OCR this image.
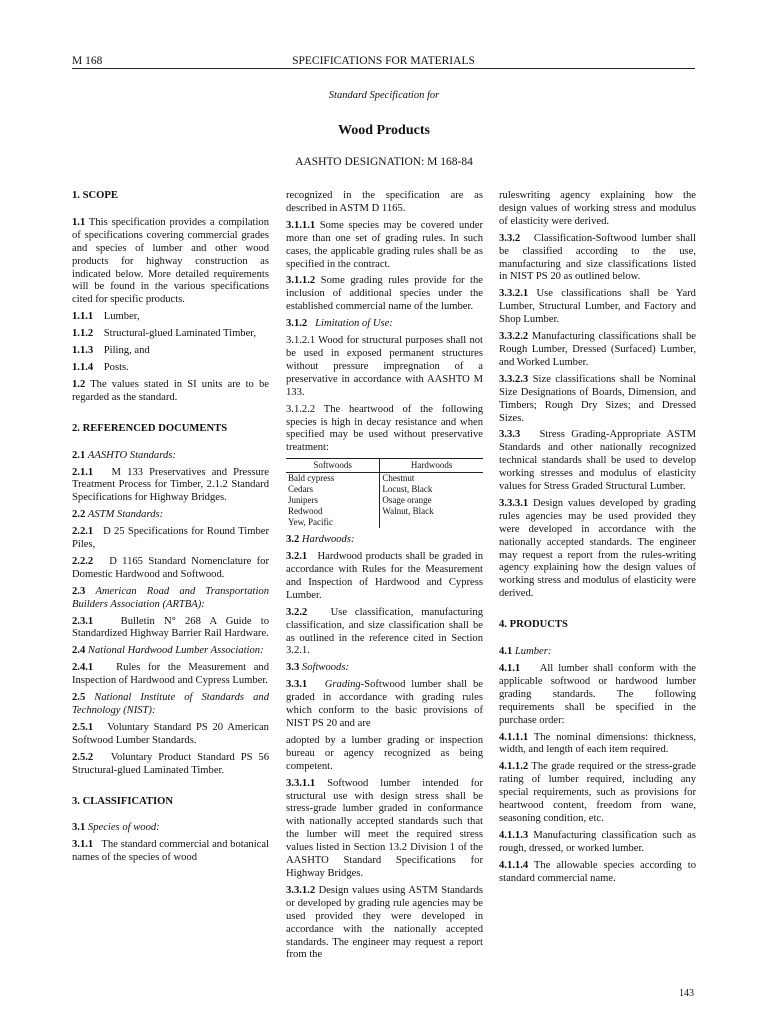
M 168	SPECIFICATIONS FOR MATERIALS
Standard Specification for
Wood Products
AASHTO DESIGNATION: M 168-84
1. SCOPE

1.1 This specification provides a compilation of specifications covering commercial grades and species of lumber and other wood products for highway construction as indicated below. More detailed requirements will be found in the various specifications cited for specific products.

1.1.1 Lumber,

1.1.2 Structural-glued Laminated Timber,

1.1.3 Piling, and

1.1.4 Posts.

1.2 The values stated in SI units are to be regarded as the standard.

2. REFERENCED DOCUMENTS

2.1 AASHTO Standards:

2.1.1 M 133 Preservatives and Pressure Treatment Process for Timber, 2.1.2 Standard Specifications for Highway Bridges.

2.2 ASTM Standards:

2.2.1 D 25 Specifications for Round Timber Piles,

2.2.2 D 1165 Standard Nomenclature for Domestic Hardwood and Softwood.

2.3 American Road and Transportation Builders Association (ARTBA):

2.3.1	Bulletin N° 268 A Guide to Standardized Highway Barrier Rail Hardware.

2.4 National Hardwood Lumber Association:

2.4.1 Rules for the Measurement and Inspection of Hardwood and Cypress Lumber.

2.5 National Institute of Standards and Technology (NIST):

2.5.1 Voluntary Standard PS 20 American Softwood Lumber Standards.

2.5.2 Voluntary Product Standard PS 56 Structural-glued Laminated Timber.

3. CLASSIFICATION

3.1 Species of wood:

3.1.1 The standard commercial and botanical names of the species of wood

recognized in the specification are as described in ASTM D 1165.

3.1.1.1 Some species may be covered under more than one set of grading rules. In such cases, the applicable grading rules shall be as specified in the contract.

3.1.1.2 Some grading rules provide for the inclusion of additional species under the established commercial name of the lumber.

3.1.2 Limitation of Use:

3.1.2.1 Wood for structural purposes shall not be used in exposed permanent structures without pressure impregnation of a preservative in accordance with AASHTO M 133.

3.1.2.2 The heartwood of the following species is high in decay resistance and when specified may be used without preservative treatment:

Softwoods	Hardwoods
Bald cypress	Chestnut
Cedars	Locust, Black
Junipers	Osage orange
Redwood	Walnut, Black
Yew, Pacific	

3.2 Hardwoods:

3.2.1 Hardwood products shall be graded in accordance with Rules for the Measurement and Inspection of Hardwood and Cypress Lumber.

3.2.2 Use classification, manufacturing classification, and size classification shall be as outlined in the reference cited in Section 3.2.1.

3.3 Softwoods:

3.3.1 Grading-Softwood lumber shall be graded in accordance with grading rules which conform to the basic provisions of NIST PS 20 and are

adopted by a lumber grading or inspection bureau or agency recognized as being competent.

3.3.1.1 Softwood lumber intended for structural use with design stress shall be stress-grade lumber graded in conformance with nationally accepted standards such that the lumber will meet the required stress values listed in Section 13.2 Division 1 of the AASHTO Standard Specifications for Highway Bridges.

3.3.1.2 Design values using ASTM Standards or developed by grading rule agencies may be used provided they were developed in accordance with the nationally accepted standards. The engineer may request a report from the

ruleswriting agency explaining how the design values of working stress and modulus of elasticity were derived.

3.3.2 Classification-Softwood lumber shall be classified according to the use, manufacturing and size classifications listed in NIST PS 20 as outlined below.

3.3.2.1 Use classifications shall be Yard Lumber, Structural Lumber, and Factory and Shop Lumber.

3.3.2.2 Manufacturing classifications shall be Rough Lumber, Dressed (Surfaced) Lumber, and Worked Lumber.

3.3.2.3 Size classifications shall be Nominal Size Designations of Boards, Dimension, and Timbers; Rough Dry Sizes; and Dressed Sizes.

3.3.3 Stress Grading-Appropriate ASTM Standards and other nationally recognized technical standards shall be used to develop working stresses and modulus of elasticity values for Stress Graded Structural Lumber.

3.3.3.1 Design values developed by grading rules agencies may be used provided they were developed in accordance with the nationally accepted standards. The engineer may request a report from the rules-writing agency explaining how the design values of working stress and modulus of elasticity were derived.

4. PRODUCTS

4.1 Lumber:

4.1.1 All lumber shall conform with the applicable softwood or hardwood lumber grading standards. The following requirements shall be specified in the purchase order:

4.1.1.1 The nominal dimensions: thickness, width, and length of each item required.

4.1.1.2 The grade required or the stress-grade rating of lumber required, including any special requirements, such as provisions for heartwood content, freedom from wane, seasoning condition, etc.

4.1.1.3 Manufacturing classification such as rough, dressed, or worked lumber.

4.1.1.4 The allowable species according to standard commercial name.

143
